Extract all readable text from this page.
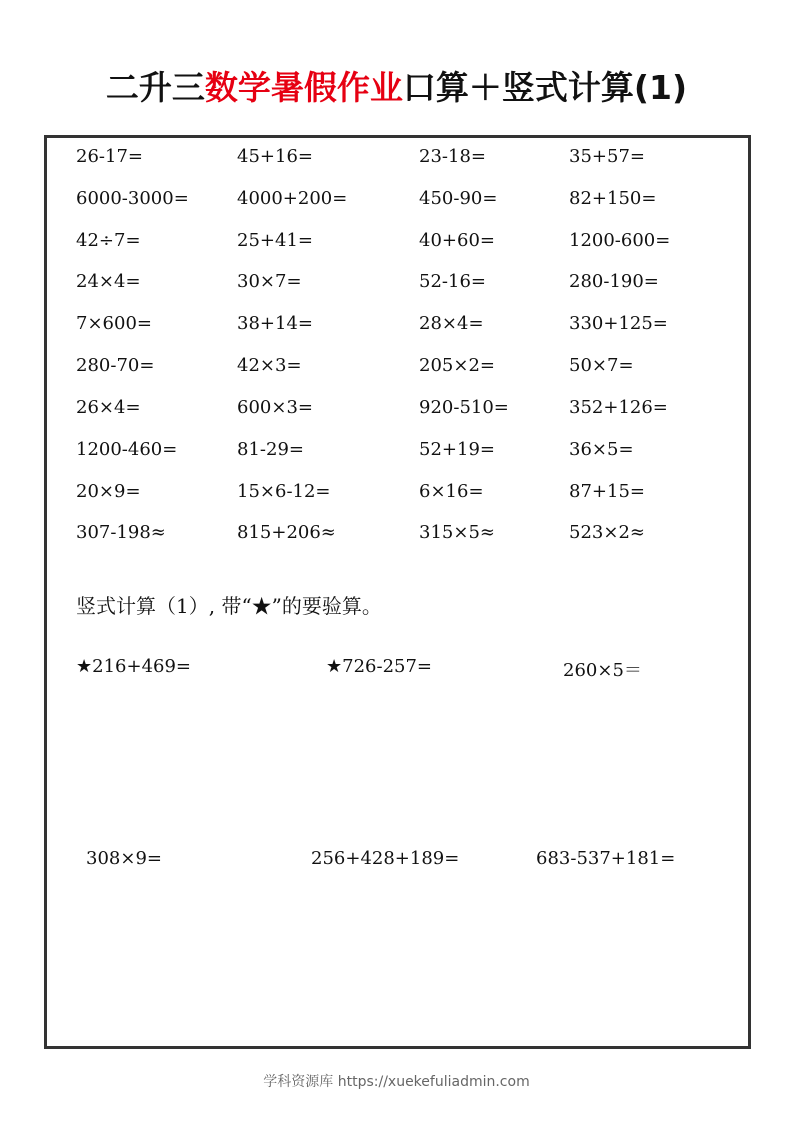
二升三数学暑假作业口算＋竖式计算(1)
26-17=	45+16=	23-18=	35+57=
6000-3000=	4000+200=	450-90=	82+150=
42÷7=	25+41=	40+60=	1200-600=
24×4=	30×7=	52-16=	280-190=
7×600=	38+14=	28×4=	330+125=
280-70=	42×3=	205×2=	50×7=
26×4=	600×3=	920-510=	352+126=
1200-460=	81-29=	52+19=	36×5=
20×9=	15×6-12=	6×16=	87+15=
307-198≈	815+206≈	315×5≈	523×2≈
竖式计算（1）, 带“★”的要验算。
★216+469=	★726-257=	260×5＝
308×9=	256+428+189=	683-537+181=
学科资源库 https://xuekefuliadmin.com
